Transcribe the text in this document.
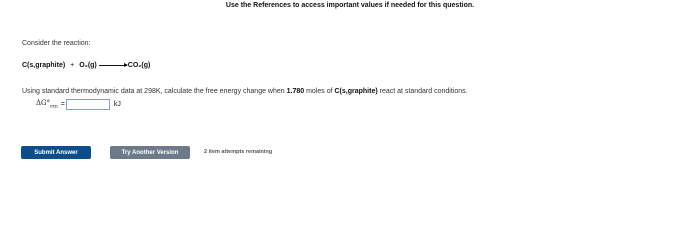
Use the References to access important values if needed for this question.
Consider the reaction:
C(s,graphite) + O₂(g) → CO₂(g)
Using standard thermodynamic data at 298K, calculate the free energy change when 1.780 moles of C(s,graphite) react at standard conditions.
$\Delta G^\circ_{rxn}$ =	kJ
Submit Answer	Try Another Version	2 item attempts remaining
